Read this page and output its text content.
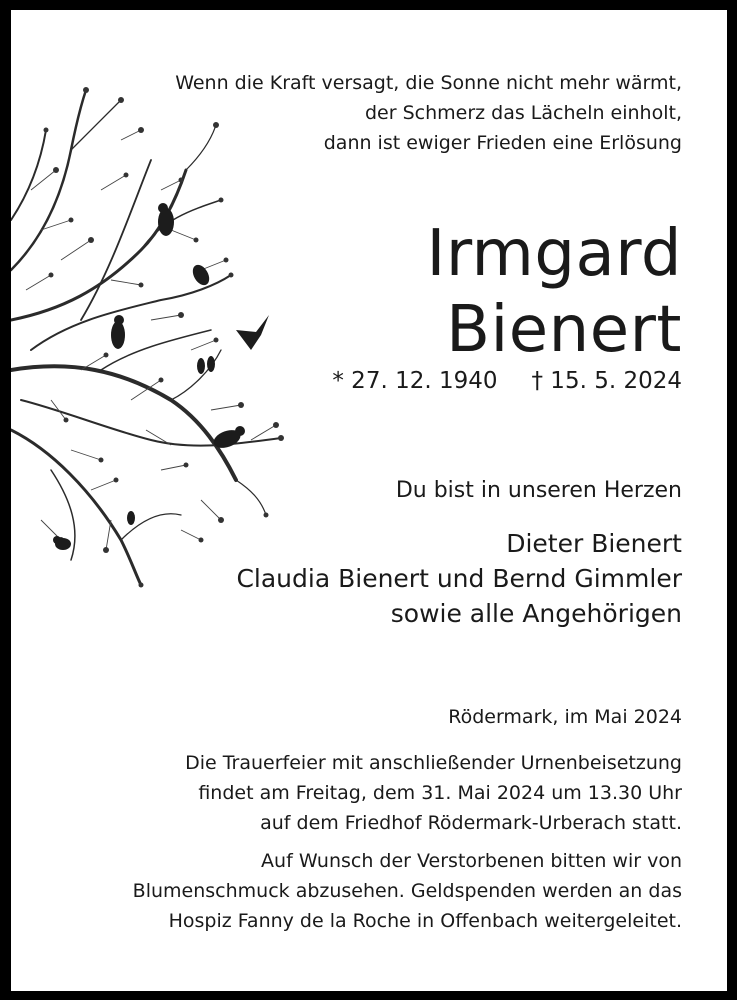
Wenn die Kraft versagt, die Sonne nicht mehr wärmt,
der Schmerz das Lächeln einholt,
dann ist ewiger Frieden eine Erlösung
Irmgard
Bienert
* 27. 12. 1940 † 15. 5. 2024
Du bist in unseren Herzen
Dieter Bienert
Claudia Bienert und Bernd Gimmler
sowie alle Angehörigen
Rödermark, im Mai 2024
Die Trauerfeier mit anschließender Urnenbeisetzung
findet am Freitag, dem 31. Mai 2024 um 13.30 Uhr
auf dem Friedhof Rödermark-Urberach statt.
Auf Wunsch der Verstorbenen bitten wir von
Blumenschmuck abzusehen. Geldspenden werden an das
Hospiz Fanny de la Roche in Offenbach weitergeleitet.
